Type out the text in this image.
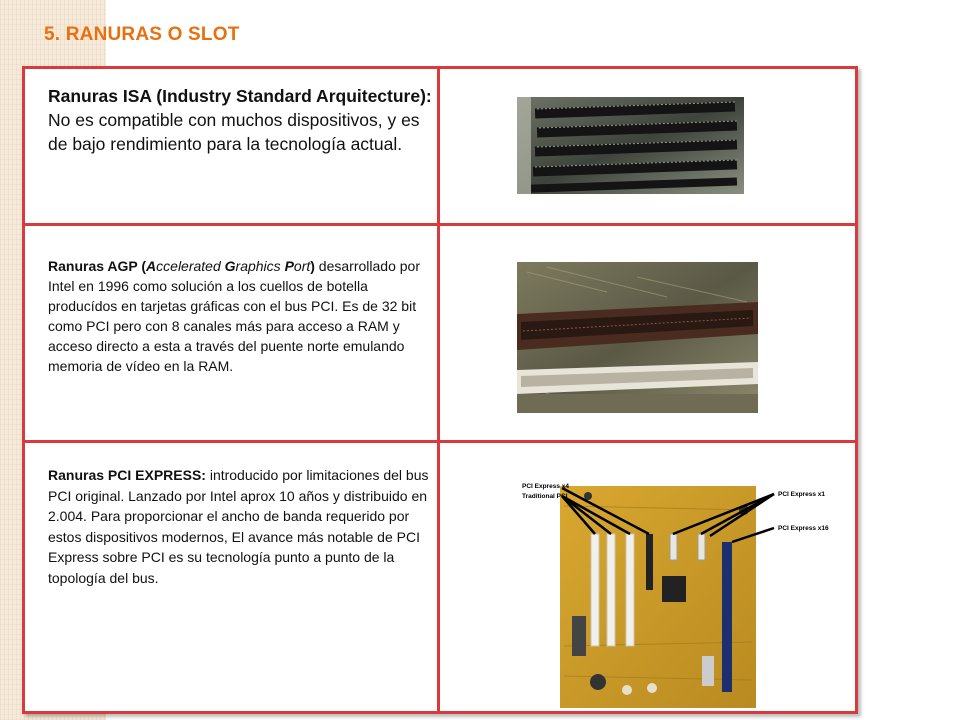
5. RANURAS O SLOT
Ranuras ISA (Industry Standard Arquitecture): No es compatible con muchos dispositivos, y es de bajo rendimiento para la tecnología actual.
Ranuras AGP (Accelerated Graphics Port) desarrollado por Intel en 1996 como solución a los cuellos de botella producídos en tarjetas gráficas con el bus PCI. Es de 32 bit como PCI pero con 8 canales más para acceso a RAM y acceso directo a esta a través del puente norte emulando memoria de vídeo en la RAM.
Ranuras PCI EXPRESS: introducido por limitaciones del bus PCI original. Lanzado por Intel aprox 10 años y distribuido en 2.004. Para proporcionar el ancho de banda requerido por estos dispositivos modernos, El avance más notable de PCI Express sobre PCI es su tecnología punto a punto de la topología del bus.
PCI Express x4
Traditional PCI	PCI Express x1
PCI Express x16
